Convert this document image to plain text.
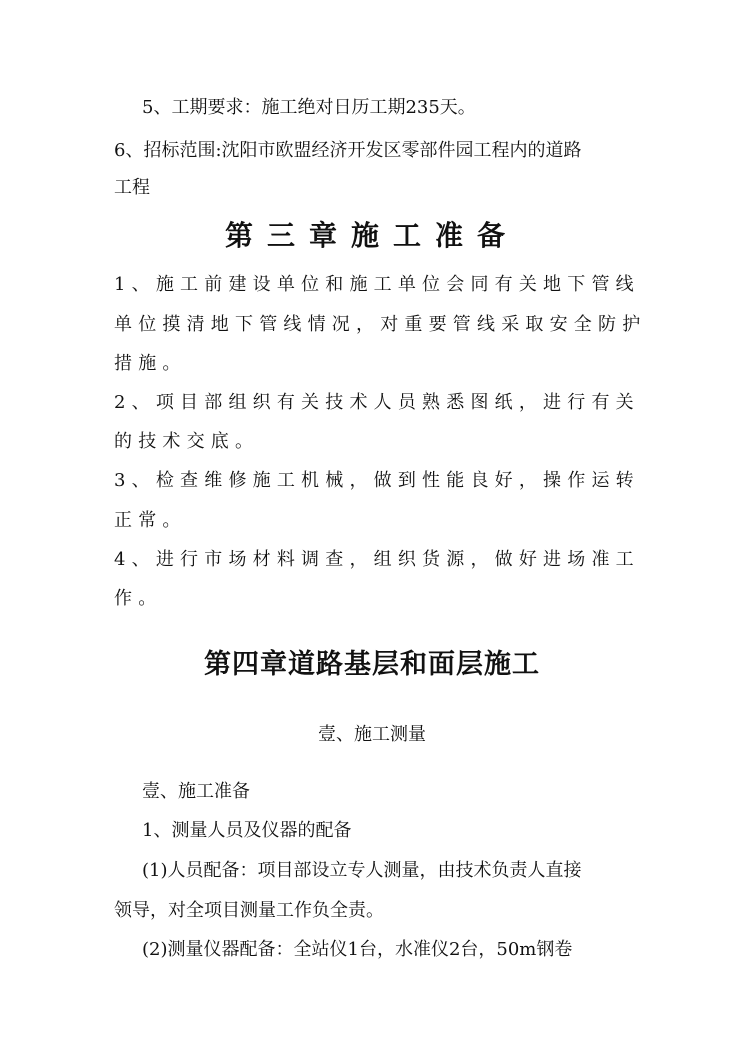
5、工期要求：施工绝对日历工期235天。

6、招标范围:沈阳市欧盟经济开发区零部件园工程内的道路

工程

第三章施工准备

1、施工前建设单位和施工单位会同有关地下管线

单位摸清地下管线情况，对重要管线采取安全防护

措施。

2、项目部组织有关技术人员熟悉图纸，进行有关

的技术交底。

3、检查维修施工机械，做到性能良好，操作运转

正常。

4、进行市场材料调查，组织货源，做好进场准工

作。

第四章道路基层和面层施工

壹、施工测量

壹、施工准备

1、测量人员及仪器的配备

(1)人员配备：项目部设立专人测量，由技术负责人直接

领导，对全项目测量工作负全责。

(2)测量仪器配备：全站仪1台，水准仪2台，50m钢卷
